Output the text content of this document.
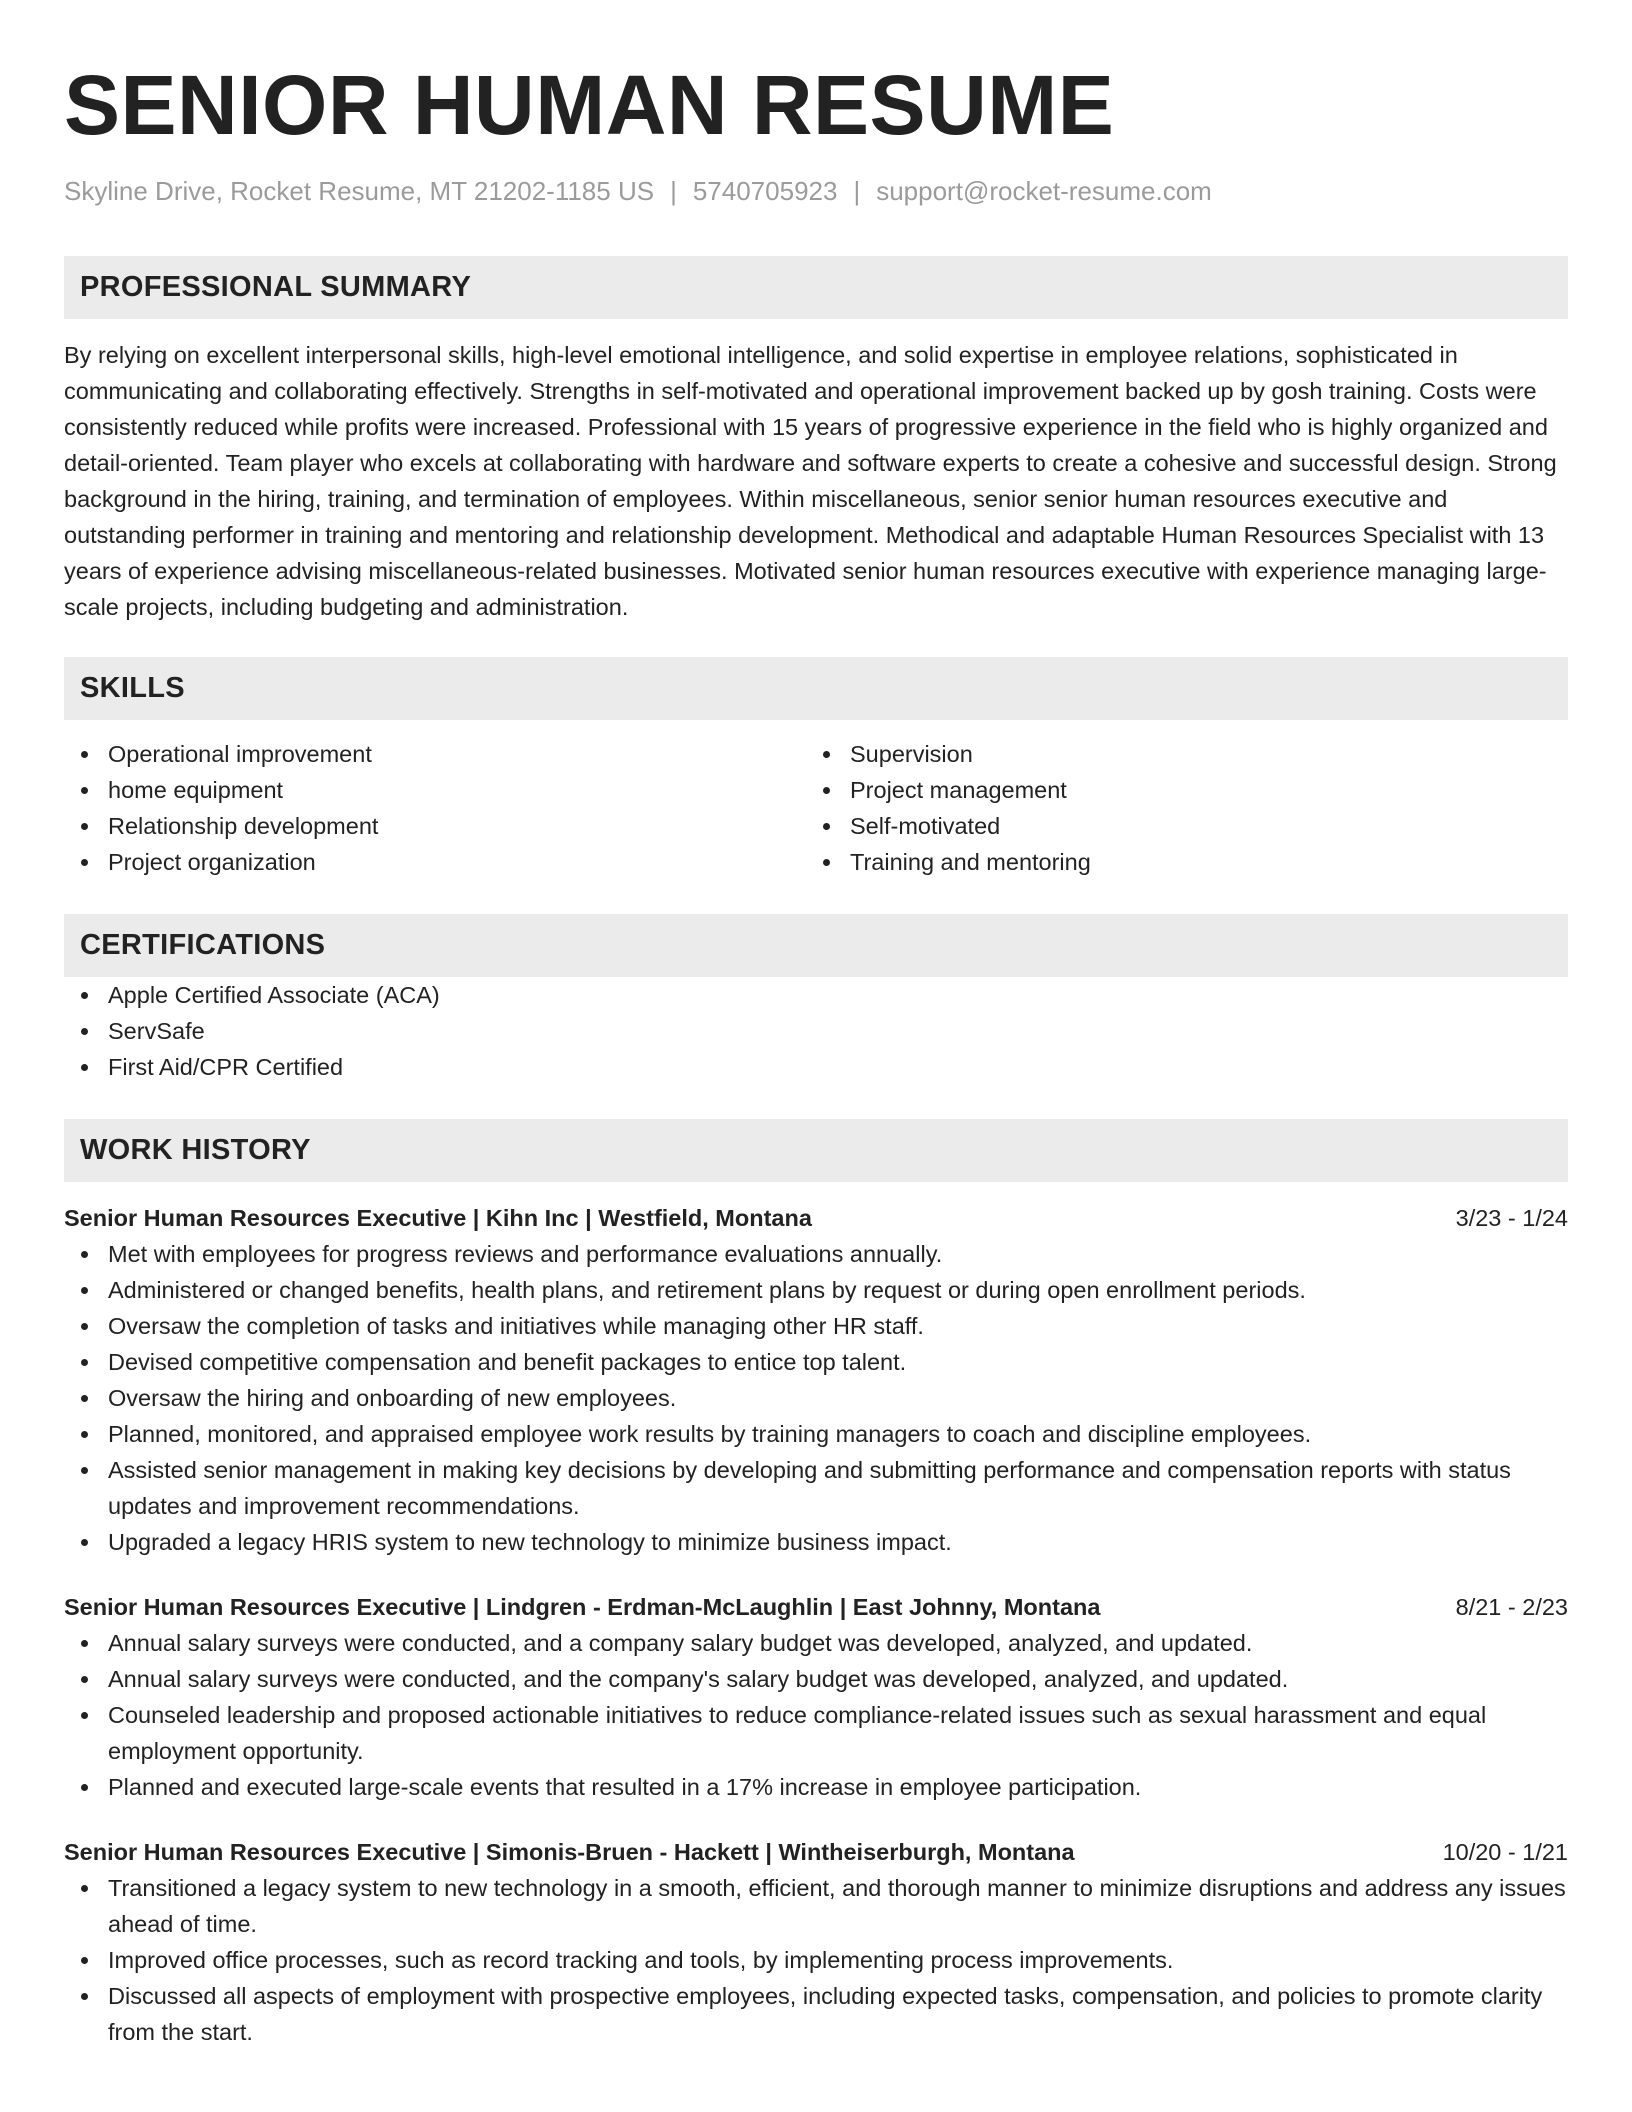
SENIOR HUMAN RESUME
Skyline Drive, Rocket Resume, MT 21202-1185 US | 5740705923 | support@rocket-resume.com
PROFESSIONAL SUMMARY

By relying on excellent interpersonal skills, high-level emotional intelligence, and solid expertise in employee relations, sophisticated in communicating and collaborating effectively. Strengths in self-motivated and operational improvement backed up by gosh training. Costs were consistently reduced while profits were increased. Professional with 15 years of progressive experience in the field who is highly organized and detail-oriented. Team player who excels at collaborating with hardware and software experts to create a cohesive and successful design. Strong background in the hiring, training, and termination of employees. Within miscellaneous, senior senior human resources executive and outstanding performer in training and mentoring and relationship development. Methodical and adaptable Human Resources Specialist with 13 years of experience advising miscellaneous-related businesses. Motivated senior human resources executive with experience managing large-scale projects, including budgeting and administration.

SKILLS
Operational improvement
home equipment
Relationship development
Project organization
Supervision
Project management
Self-motivated
Training and mentoring
CERTIFICATIONS
Apple Certified Associate (ACA)
ServSafe
First Aid/CPR Certified
WORK HISTORY
Senior Human Resources Executive | Kihn Inc | Westfield, Montana	3/23 - 1/24
Met with employees for progress reviews and performance evaluations annually.
Administered or changed benefits, health plans, and retirement plans by request or during open enrollment periods.
Oversaw the completion of tasks and initiatives while managing other HR staff.
Devised competitive compensation and benefit packages to entice top talent.
Oversaw the hiring and onboarding of new employees.
Planned, monitored, and appraised employee work results by training managers to coach and discipline employees.
Assisted senior management in making key decisions by developing and submitting performance and compensation reports with status updates and improvement recommendations.
Upgraded a legacy HRIS system to new technology to minimize business impact.
Senior Human Resources Executive | Lindgren - Erdman-McLaughlin | East Johnny, Montana	8/21 - 2/23
Annual salary surveys were conducted, and a company salary budget was developed, analyzed, and updated.
Annual salary surveys were conducted, and the company's salary budget was developed, analyzed, and updated.
Counseled leadership and proposed actionable initiatives to reduce compliance-related issues such as sexual harassment and equal employment opportunity.
Planned and executed large-scale events that resulted in a 17% increase in employee participation.
Senior Human Resources Executive | Simonis-Bruen - Hackett | Wintheiserburgh, Montana	10/20 - 1/21
Transitioned a legacy system to new technology in a smooth, efficient, and thorough manner to minimize disruptions and address any issues ahead of time.
Improved office processes, such as record tracking and tools, by implementing process improvements.
Discussed all aspects of employment with prospective employees, including expected tasks, compensation, and policies to promote clarity from the start.
